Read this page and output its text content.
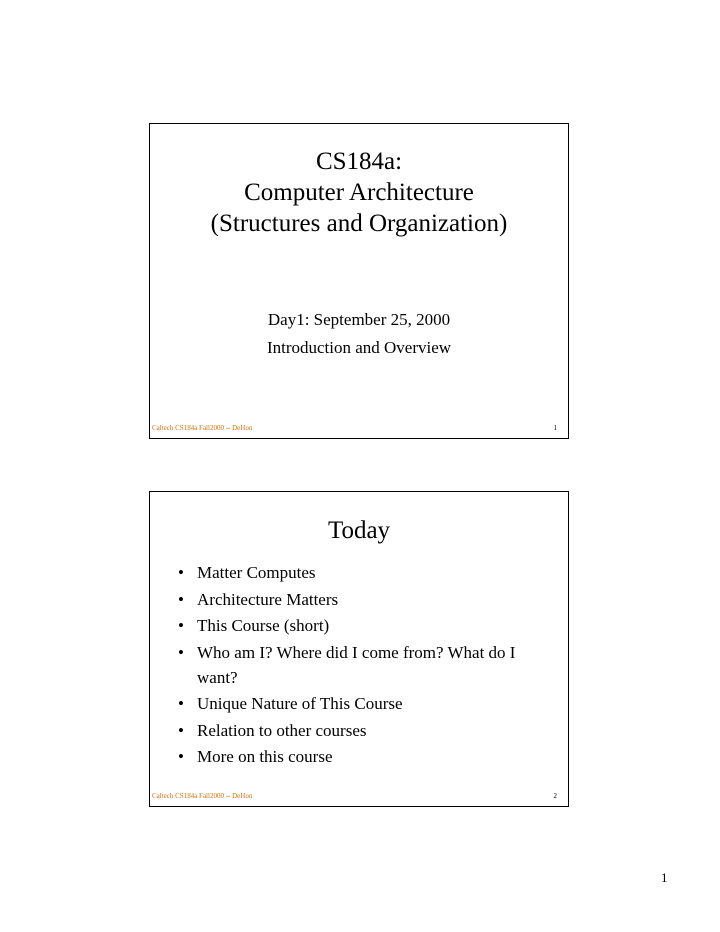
CS184a:
Computer Architecture
(Structures and Organization)
Day1: September 25, 2000
Introduction and Overview
Caltech CS184a Fall2000 -- DeHon	1
Today
• Matter Computes
• Architecture Matters
• This Course (short)
• Who am I? Where did I come from? What do I want?
• Unique Nature of This Course
• Relation to other courses
• More on this course
Caltech CS184a Fall2000 -- DeHon	2
1
